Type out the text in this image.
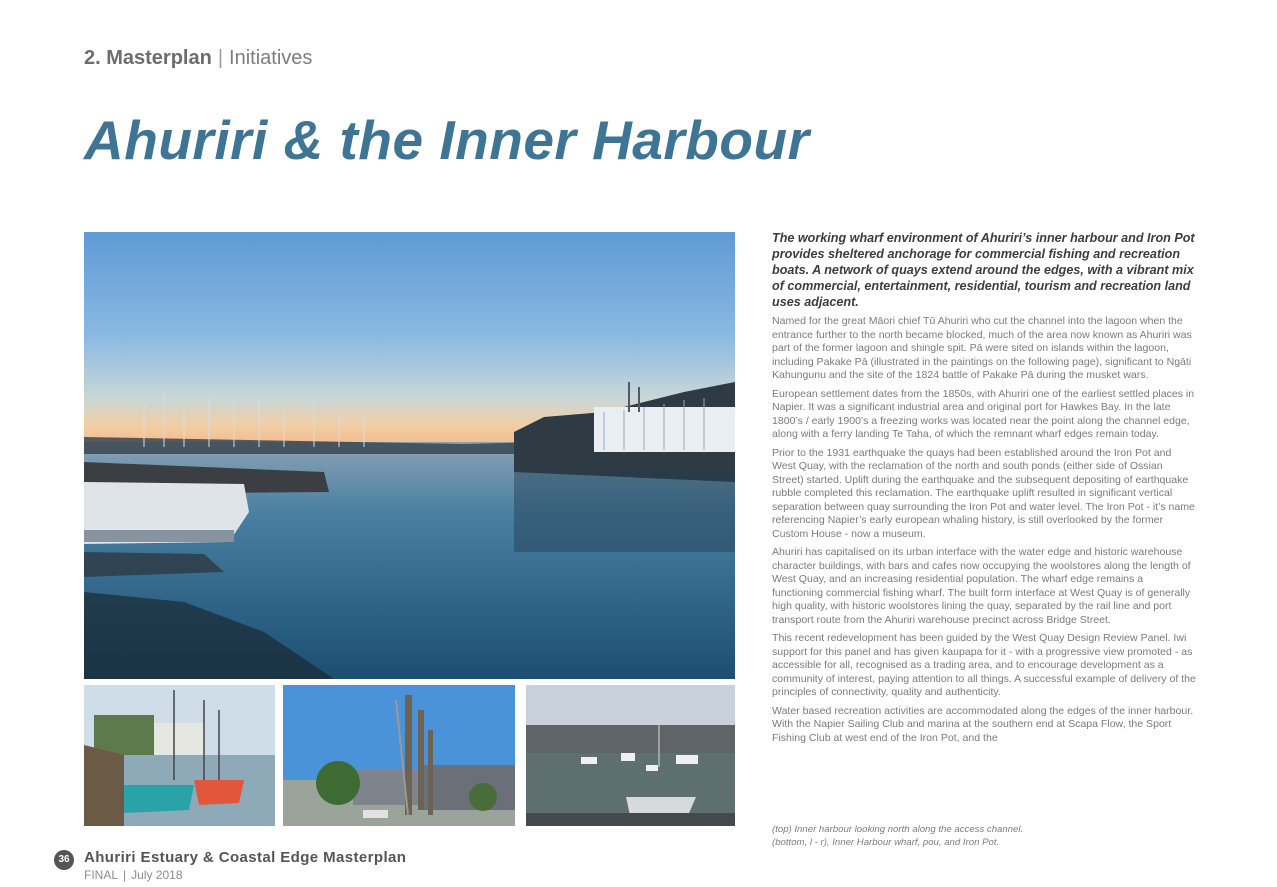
2. Masterplan | Initiatives
Ahuriri & the Inner Harbour

The working wharf environment of Ahuriri’s inner harbour and Iron Pot provides sheltered anchorage for commercial fishing and recreation boats. A network of quays extend around the edges, with a vibrant mix of commercial, entertainment, residential, tourism and recreation land uses adjacent.

Named for the great Māori chief Tū Ahuriri who cut the channel into the lagoon when the entrance further to the north became blocked, much of the area now known as Ahuriri was part of the former lagoon and shingle spit. Pā were sited on islands within the lagoon, including Pakake Pā (illustrated in the paintings on the following page), significant to Ngāti Kahungunu and the site of the 1824 battle of Pakake Pā during the musket wars.

European settlement dates from the 1850s, with Ahuriri one of the earliest settled places in Napier. It was a significant industrial area and original port for Hawkes Bay. In the late 1800’s / early 1900’s a freezing works was located near the point along the channel edge, along with a ferry landing Te Taha, of which the remnant wharf edges remain today.

Prior to the 1931 earthquake the quays had been established around the Iron Pot and West Quay, with the reclamation of the north and south ponds (either side of Ossian Street) started. Uplift during the earthquake and the subsequent depositing of earthquake rubble completed this reclamation. The earthquake uplift resulted in significant vertical separation between quay surrounding the Iron Pot and water level. The Iron Pot - it’s name referencing Napier’s early european whaling history, is still overlooked by the former Custom House - now a museum.

Ahuriri has capitalised on its urban interface with the water edge and historic warehouse character buildings, with bars and cafes now occupying the woolstores along the length of West Quay, and an increasing residential population. The wharf edge remains a functioning commercial fishing wharf. The built form interface at West Quay is of generally high quality, with historic woolstores lining the quay, separated by the rail line and port transport route from the Ahuriri warehouse precinct across Bridge Street.

This recent redevelopment has been guided by the West Quay Design Review Panel. Iwi support for this panel and has given kaupapa for it - with a progressive view promoted - as accessible for all, recognised as a trading area, and to encourage development as a community of interest, paying attention to all things. A successful example of delivery of the principles of connectivity, quality and authenticity.

Water based recreation activities are accommodated along the edges of the inner harbour. With the Napier Sailing Club and marina at the southern end at Scapa Flow, the Sport Fishing Club at west end of the Iron Pot, and the

(top) Inner harbour looking north along the access channel.
(bottom, l - r), Inner Harbour wharf, pou, and Iron Pot.
36 Ahuriri Estuary & Coastal Edge Masterplan
FINAL | July 2018
